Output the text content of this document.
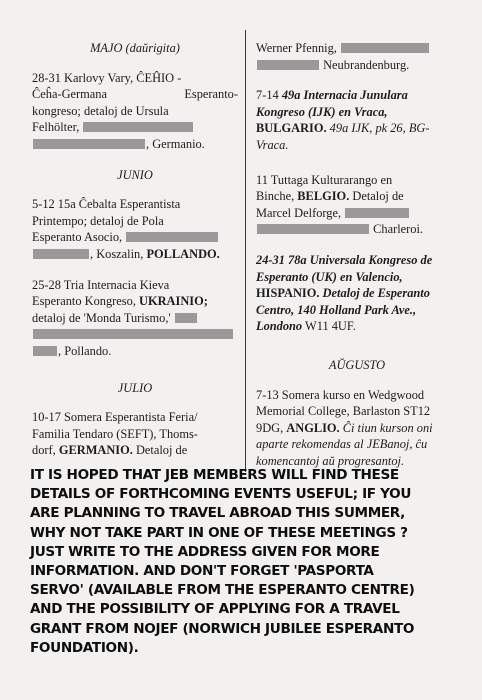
MAJO (daŭrigita)

28-31 Karlovy Vary, ĈEĤIO -

Ĉeĥa-Germana	Esperanto-

kongreso; detaloj de Ursula

Felhölter,

, Germanio.

JUNIO

5-12 15a Ĉebalta Esperantista

Printempo; detaloj de Pola

Esperanto Asocio,

, Koszalin, POLLANDO.

25-28 Tria Internacia Kieva

Esperanto Kongreso, UKRAINIO;

detaloj de 'Monda Turismo,'

, Pollando.

JULIO

10-17 Somera Esperantista Feria/

Familia Tendaro (SEFT), Thoms-

dorf, GERMANIO. Detaloj de

Werner Pfennig,

Neubrandenburg.

7-14 49a Internacia Junulara

Kongreso (IJK) en Vraca,

BULGARIO. 49a IJK, pk 26, BG-

Vraca.

11 Tuttaga Kulturarango en

Binche, BELGIO. Detaloj de

Marcel Delforge,

Charleroi.

24-31 78a Universala Kongreso de

Esperanto (UK) en Valencio,

HISPANIO. Detaloj de Esperanto

Centro, 140 Holland Park Ave.,

Londono W11 4UF.

AŬGUSTO

7-13 Somera kurso en Wedgwood

Memorial College, Barlaston ST12

9DG, ANGLIO. Ĉi tiun kurson oni

aparte rekomendas al JEBanoj, ĉu

komencantoj aŭ progresantoj.

IT IS HOPED THAT JEB MEMBERS WILL FIND THESE
DETAILS OF FORTHCOMING EVENTS USEFUL; IF YOU
ARE PLANNING TO TRAVEL ABROAD THIS SUMMER,
WHY NOT TAKE PART IN ONE OF THESE MEETINGS ?
JUST WRITE TO THE ADDRESS GIVEN FOR MORE
INFORMATION. AND DON'T FORGET 'PASPORTA
SERVO' (AVAILABLE FROM THE ESPERANTO CENTRE)
AND THE POSSIBILITY OF APPLYING FOR A TRAVEL
GRANT FROM NOJEF (NORWICH JUBILEE ESPERANTO
FOUNDATION).
